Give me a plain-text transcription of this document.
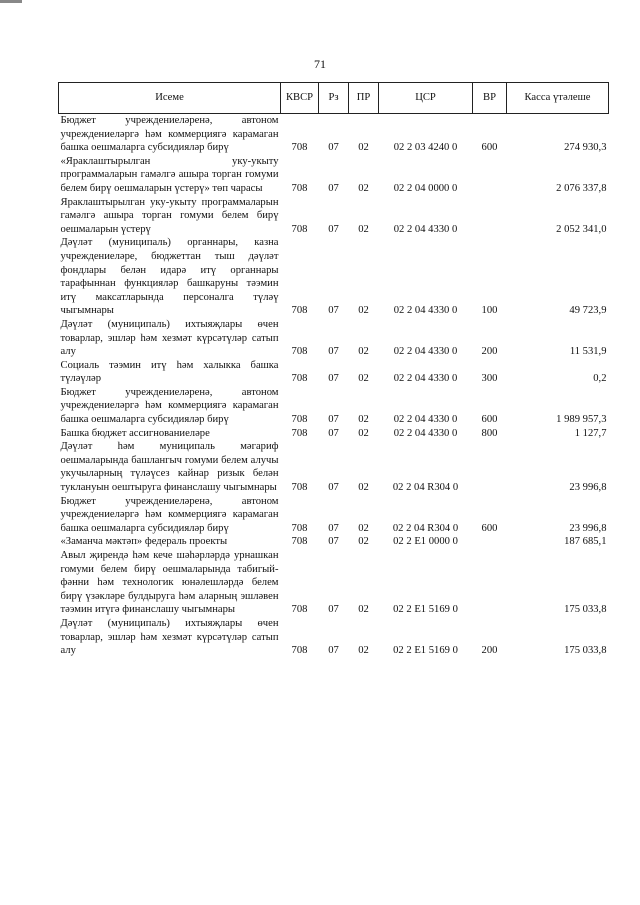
71
Исеме	КВСР	Рз	ПР	ЦСР	ВР	Касса үтәлеше
Бюджет учреждениеләренә, автоном учреждениеләргә һәм коммерциягә карамаган башка оешмаларга субсидияләр бирү	708	07	02	02 2 03 4240 0	600	274 930,3
«Яраклаштырылган уку-укыту программаларын гамәлгә ашыра торган гомуми белем бирү оешмаларын үстерү» төп чарасы	708	07	02	02 2 04 0000 0		2 076 337,8
Яраклаштырылган уку-укыту программаларын гамәлгә ашыра торган гомуми белем бирү оешмаларын үстерү	708	07	02	02 2 04 4330 0		2 052 341,0
Дәүләт (муниципаль) органнары, казна учреждениеләре, бюджеттан тыш дәүләт фондлары белән идарә итү органнары тарафыннан функцияләр башкаруны тәэмин итү максатларында персоналга түләү чыгымнары	708	07	02	02 2 04 4330 0	100	49 723,9
Дәүләт (муниципаль) ихтыяҗлары өчен товарлар, эшләр һәм хезмәт күрсәтүләр сатып алу	708	07	02	02 2 04 4330 0	200	11 531,9
Социаль тәэмин итү һәм халыкка башка түләүләр	708	07	02	02 2 04 4330 0	300	0,2
Бюджет учреждениеләренә, автоном учреждениеләргә һәм коммерциягә карамаган башка оешмаларга субсидияләр бирү	708	07	02	02 2 04 4330 0	600	1 989 957,3
Башка бюджет ассигнованиеләре	708	07	02	02 2 04 4330 0	800	1 127,7
Дәүләт һәм муниципаль мәгариф оешмаларында башлангыч гомуми белем алучы укучыларның түләүсез кайнар ризык белән туклануын оештыруга финанслашу чыгымнары	708	07	02	02 2 04 R304 0		23 996,8
Бюджет учреждениеләренә, автоном учреждениеләргә һәм коммерциягә карамаган башка оешмаларга субсидияләр бирү	708	07	02	02 2 04 R304 0	600	23 996,8
«Заманча мәктәп» федераль проекты	708	07	02	02 2 E1 0000 0		187 685,1
Авыл җирендә һәм кече шәһәрләрдә урнашкан гомуми белем бирү оешмаларында табигый-фәнни һәм технологик юнәлешләрдә белем бирү үзәкләре булдыруга һәм аларның эшләвен тәэмин итүгә финанслашу чыгымнары	708	07	02	02 2 E1 5169 0		175 033,8
Дәүләт (муниципаль) ихтыяҗлары өчен товарлар, эшләр һәм хезмәт күрсәтүләр сатып алу	708	07	02	02 2 E1 5169 0	200	175 033,8
